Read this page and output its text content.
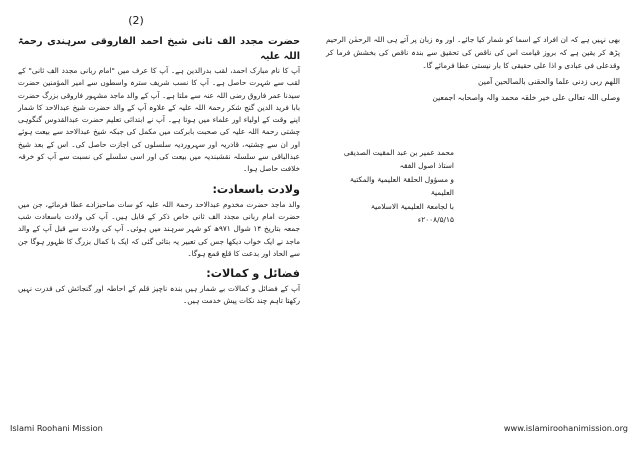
(2)

بھی نہیں ہے کہ ان افراد کے اسما کو شمار کیا جائے۔ اور وہ زبان پر آتے ہی اللہ الرحمٰن الرحیم پڑھ کر یقین ہے کہ بروز قیامت اس کی ناقص کی تحقیق سے بندہ ناقص کی بخشش فرما کر وقدعلی فی عبادی و اذا علی حقیقی کا بار نیستی عطا فرمائے گا۔

اللھم ربی زدنی علما والحقنی بالصالحین آمین

وصلی اللہ تعالی علی خیر خلقہ محمد والہ واصحابہ اجمعین

محمد عمیر بن عبد المقیت الصدیقی
استاذ اصول الفقہ
و مسؤول الحلقۃ العلیمیۃ والمکتبۃ العلیمیۃ
با لجامعۃ العلیمیۃ الاسلامیۃ
۲۰۰۸/۵/۱۵ء
حضرت مجدد الف ثانی شیخ احمد الفاروقی سرہندی رحمۃ اللہ علیہ

آپ کا نام مبارک احمد، لقب بدرالدین ہے۔ آپ کا عرف میں "امام ربانی مجدد الف ثانی" کے لقب سے شہرت حاصل ہے۔ آپ کا نسب شریف سترہ واسطوں سے امیر المؤمنین حضرت سیدنا عمر فاروق رضی اللہ عنہ سے ملتا ہے۔ آپ کے والد ماجد مشہور فاروقی بزرگ حضرت بابا فرید الدین گنج شکر رحمۃ اللہ علیہ کے علاوہ آپ کے والد حضرت شیخ عبدالاحد کا شمار اپنے وقت کے اولیاء اور علماء میں ہوتا ہے۔ آپ نے ابتدائی تعلیم حضرت عبدالقدوس گنگوہی چشتی رحمۃ اللہ علیہ کی صحبت بابرکت میں مکمل کی جبکہ شیخ عبدالاحد سے بیعت ہوئے اور ان سے چشتیہ، قادریہ اور سہروردیہ سلسلوں کی اجازت حاصل کی۔ اس کے بعد شیخ عبدالباقی سے سلسلہ نقشبندیہ میں بیعت کی اور اسی سلسلے کی نسبت سے آپ کو خرقہ خلافت حاصل ہوا۔

ولادت باسعادت:

والد ماجد حضرت مخدوم عبدالاحد رحمۃ اللہ علیہ کو سات صاحبزادے عطا فرمائے، جن میں حضرت امام ربانی مجدد الف ثانی خاص ذکر کے قابل ہیں۔ آپ کی ولادت باسعادت شب جمعہ بتاریخ ۱۴ شوال ۹۷۱ھ کو شہر سرہند میں ہوئی۔ آپ کی ولادت سے قبل آپ کے والد ماجد نے ایک خواب دیکھا جس کی تعبیر یہ بتائی گئی کہ ایک با کمال بزرگ کا ظہور ہوگا جن سے الحاد اور بدعت کا قلع قمع ہوگا۔

فضائل و کمالات:

آپ کے فضائل و کمالات بے شمار ہیں بندہ ناچیز قلم کے احاطہ اور گنجائش کی قدرت نہیں رکھتا تاہم چند نکات پیش خدمت ہیں۔

Islami Roohani Mission	www.islamiroohanimission.org
